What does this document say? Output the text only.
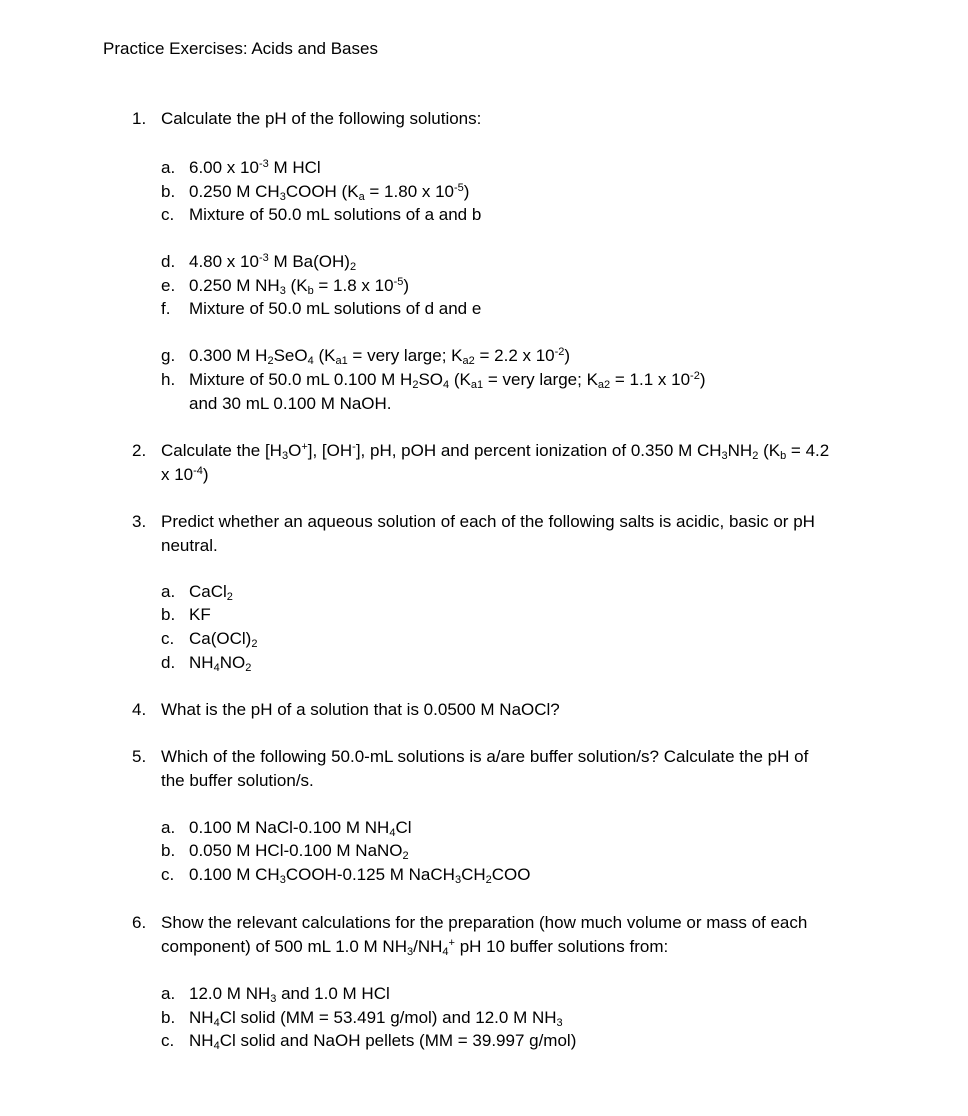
Practice Exercises: Acids and Bases
1. Calculate the pH of the following solutions:
a. 6.00 x $10^{-3}$ M HCl
b. 0.250 M $CH_3COOH$ ($K_a = 1.80$ x $10^{-5}$)
c. Mixture of 50.0 mL solutions of a and b
d. 4.80 x $10^{-3}$ M $Ba(OH)_2$
e. 0.250 M $NH_3$ ($K_b = 1.8$ x $10^{-5}$)
f. Mixture of 50.0 mL solutions of d and e
g. 0.300 M $H_2SeO_4$ ($K_{a1}$ = very large; $K_{a2} = 2.2$ x $10^{-2}$)
h. Mixture of 50.0 mL 0.100 M $H_2SO_4$ ($K_{a1}$ = very large; $K_{a2} = 1.1$ x $10^{-2}$)
and 30 mL 0.100 M NaOH.
2. Calculate the $[H_3O^+]$, [OH-], pH, pOH and percent ionization of 0.350 M $CH_3NH_2$ ($K_b = 4.2$
x $10^{-4}$)
3. Predict whether an aqueous solution of each of the following salts is acidic, basic or pH
neutral.
a. CaCl$_2$
b. KF
c. $Ca(OCl)_2$
d. $NH_4NO_2$
4. What is the pH of a solution that is 0.0500 M NaOCl?
5. Which of the following 50.0-mL solutions is a/are buffer solution/s? Calculate the pH of
the buffer solution/s.
a. 0.100 M NaCl-0.100 M $NH_4Cl$
b. 0.050 M HCl-0.100 M NaNO$_2$
c. 0.100 M $CH_3COOH-0.125$ M $NaCH_3CH_2COO$
6. Show the relevant calculations for the preparation (how much volume or mass of each
component) of 500 mL 1.0 M $NH_3/NH_4^+$ pH 10 buffer solutions from:
a. 12.0 M $NH_3$ and 1.0 M HCl
b. $NH_4Cl$ solid (MM = 53.491 g/mol) and 12.0 M $NH_3$
c. $NH_4Cl$ solid and NaOH pellets (MM = 39.997 g/mol)
